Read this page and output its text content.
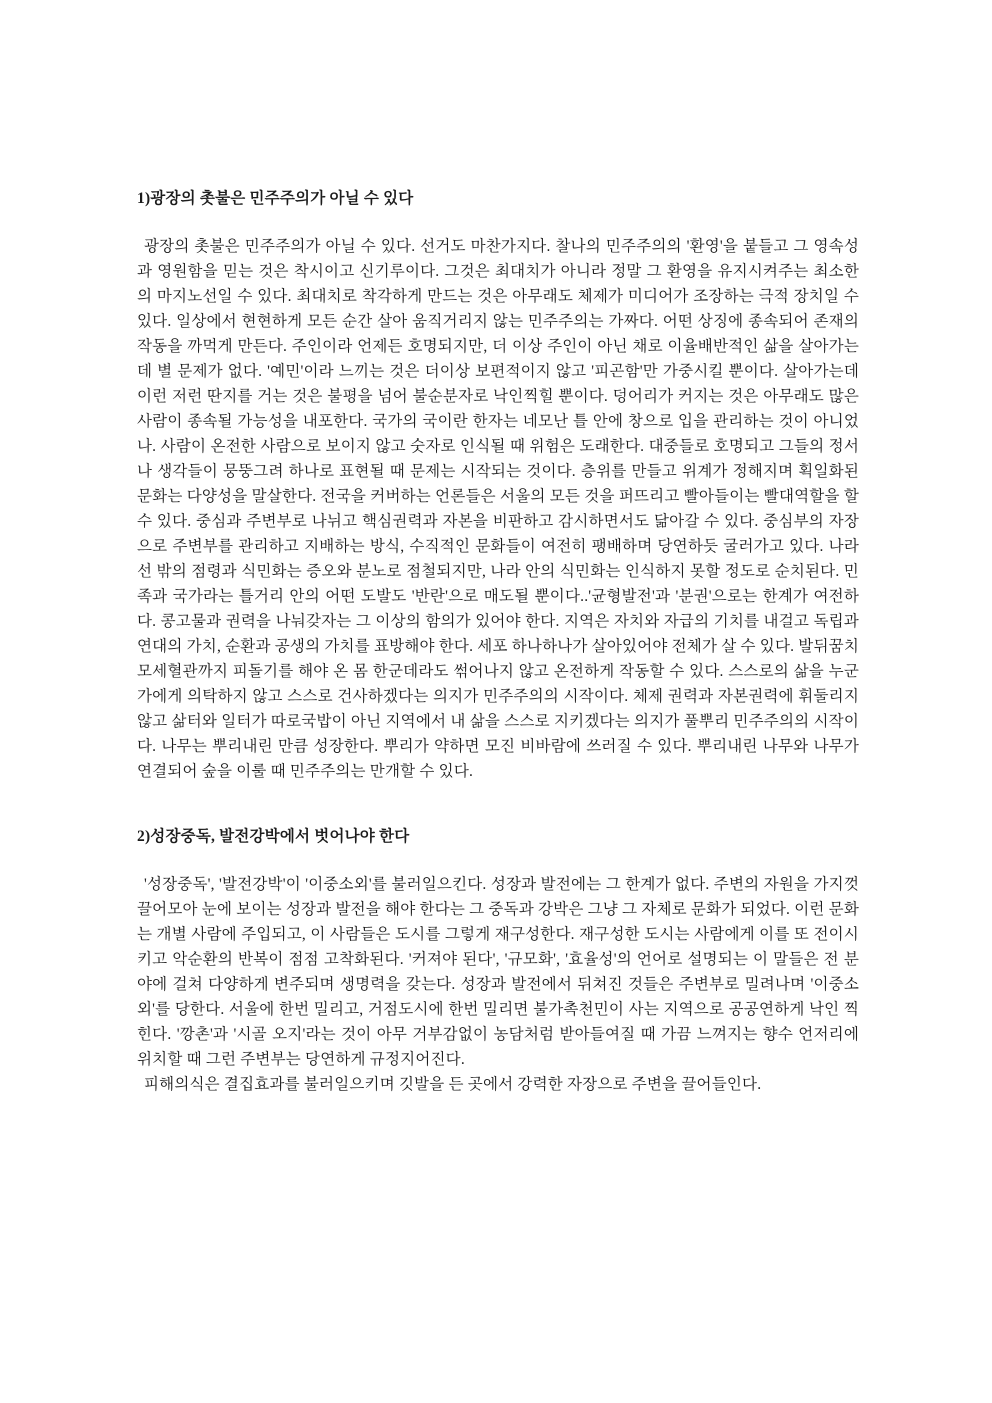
1)광장의 촛불은 민주주의가 아닐 수 있다

광장의 촛불은 민주주의가 아닐 수 있다. 선거도 마찬가지다. 찰나의 민주주의의 '환영'을 붙들고 그 영속성과 영원함을 믿는 것은 착시이고 신기루이다. 그것은 최대치가 아니라 정말 그 환영을 유지시켜주는 최소한의 마지노선일 수 있다. 최대치로 착각하게 만드는 것은 아무래도 체제가 미디어가 조장하는 극적 장치일 수 있다. 일상에서 현현하게 모든 순간 살아 움직거리지 않는 민주주의는 가짜다. 어떤 상징에 종속되어 존재의 작동을 까먹게 만든다. 주인이라 언제든 호명되지만, 더 이상 주인이 아닌 채로 이율배반적인 삶을 살아가는데 별 문제가 없다. '예민'이라 느끼는 것은 더이상 보편적이지 않고 '피곤함'만 가중시킬 뿐이다. 살아가는데 이런 저런 딴지를 거는 것은 불평을 넘어 불순분자로 낙인찍힐 뿐이다. 덩어리가 커지는 것은 아무래도 많은 사람이 종속될 가능성을 내포한다. 국가의 국이란 한자는 네모난 틀 안에 창으로 입을 관리하는 것이 아니었나. 사람이 온전한 사람으로 보이지 않고 숫자로 인식될 때 위험은 도래한다. 대중들로 호명되고 그들의 정서나 생각들이 뭉뚱그려 하나로 표현될 때 문제는 시작되는 것이다. 층위를 만들고 위계가 정해지며 획일화된 문화는 다양성을 말살한다. 전국을 커버하는 언론들은 서울의 모든 것을 퍼뜨리고 빨아들이는 빨대역할을 할 수 있다. 중심과 주변부로 나뉘고 핵심권력과 자본을 비판하고 감시하면서도 닮아갈 수 있다. 중심부의 자장으로 주변부를 관리하고 지배하는 방식, 수직적인 문화들이 여전히 팽배하며 당연하듯 굴러가고 있다. 나라 선 밖의 점령과 식민화는 증오와 분노로 점철되지만, 나라 안의 식민화는 인식하지 못할 정도로 순치된다. 민족과 국가라는 틀거리 안의 어떤 도발도 '반란'으로 매도될 뿐이다..'균형발전'과 '분권'으로는 한계가 여전하다. 콩고물과 권력을 나눠갖자는 그 이상의 함의가 있어야 한다. 지역은 자치와 자급의 기치를 내걸고 독립과 연대의 가치, 순환과 공생의 가치를 표방해야 한다. 세포 하나하나가 살아있어야 전체가 살 수 있다. 발뒤꿈치 모세혈관까지 피돌기를 해야 온 몸 한군데라도 썪어나지 않고 온전하게 작동할 수 있다. 스스로의 삶을 누군가에게 의탁하지 않고 스스로 건사하겠다는 의지가 민주주의의 시작이다. 체제 권력과 자본권력에 휘둘리지 않고 삶터와 일터가 따로국밥이 아닌 지역에서 내 삶을 스스로 지키겠다는 의지가 풀뿌리 민주주의의 시작이다. 나무는 뿌리내린 만큼 성장한다. 뿌리가 약하면 모진 비바람에 쓰러질 수 있다. 뿌리내린 나무와 나무가 연결되어 숲을 이룰 때 민주주의는 만개할 수 있다.

2)성장중독, 발전강박에서 벗어나야 한다

'성장중독', '발전강박'이 '이중소외'를 불러일으킨다. 성장과 발전에는 그 한계가 없다. 주변의 자원을 가지껏 끌어모아 눈에 보이는 성장과 발전을 해야 한다는 그 중독과 강박은 그냥 그 자체로 문화가 되었다. 이런 문화는 개별 사람에 주입되고, 이 사람들은 도시를 그렇게 재구성한다. 재구성한 도시는 사람에게 이를 또 전이시키고 악순환의 반복이 점점 고착화된다. '커져야 된다', '규모화', '효율성'의 언어로 설명되는 이 말들은 전 분야에 걸쳐 다양하게 변주되며 생명력을 갖는다. 성장과 발전에서 뒤쳐진 것들은 주변부로 밀려나며 '이중소외'를 당한다. 서울에 한번 밀리고, 거점도시에 한번 밀리면 불가촉천민이 사는 지역으로 공공연하게 낙인 찍힌다. '깡촌'과 '시골 오지'라는 것이 아무 거부감없이 농담처럼 받아들여질 때 가끔 느껴지는 향수 언저리에 위치할 때 그런 주변부는 당연하게 규정지어진다.

피해의식은 결집효과를 불러일으키며 깃발을 든 곳에서 강력한 자장으로 주변을 끌어들인다.
